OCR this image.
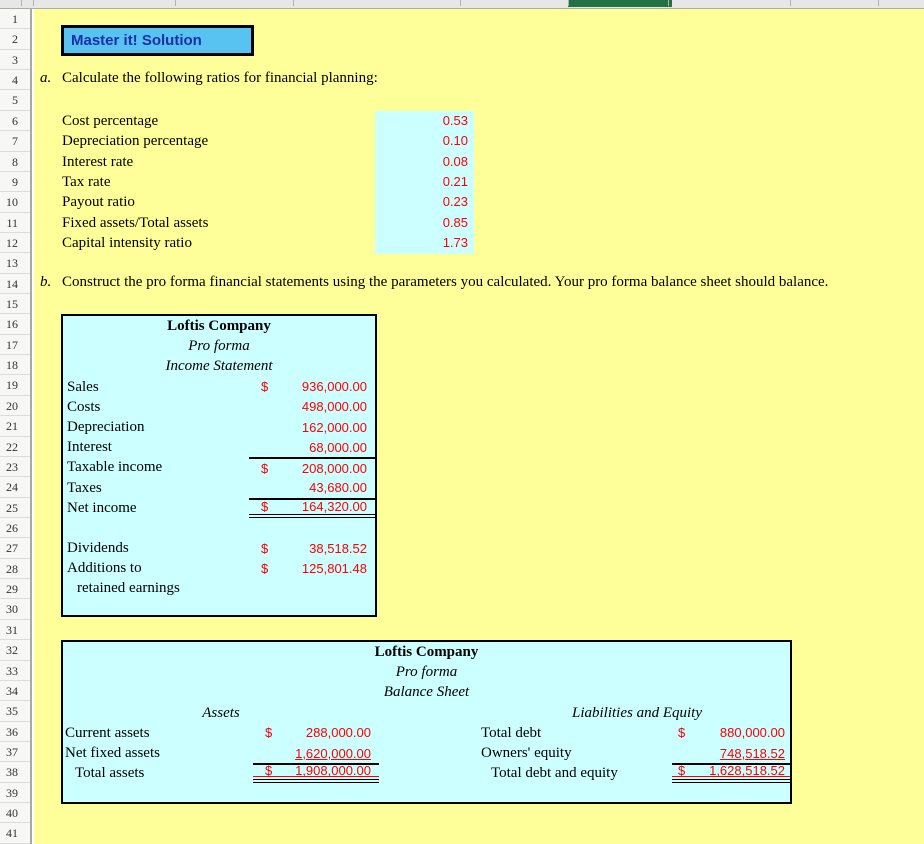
1
2
3
4
5
6
7
8
9
10
11
12
13
14
15
16
17
18
19
20
21
22
23
24
25
26
27
28
29
30
31
32
33
34
35
36
37
38
39
40
41
Master it! Solution
a. Calculate the following ratios for financial planning:
Cost percentage	0.53
Depreciation percentage	0.10
Interest rate	0.08
Tax rate	0.21
Payout ratio	0.23
Fixed assets/Total assets	0.85
Capital intensity ratio	1.73
b. Construct the pro forma financial statements using the parameters you calculated. Your pro forma balance sheet should balance.
Loftis Company
Pro forma
Income Statement
Sales	$	936,000.00
Costs	498,000.00
Depreciation	162,000.00
Interest	68,000.00
Taxable income	$	208,000.00
Taxes	43,680.00
Net income	$	164,320.00
Dividends	$	38,518.52
Additions to	$	125,801.48
retained earnings
Loftis Company
Pro forma
Balance Sheet
Assets	Liabilities and Equity
Current assets	$	288,000.00	Total debt	$	880,000.00
Net fixed assets	1,620,000.00	Owners' equity	748,518.52
Total assets	$ 1,908,000.00	Total debt and equity	$ 1,628,518.52
